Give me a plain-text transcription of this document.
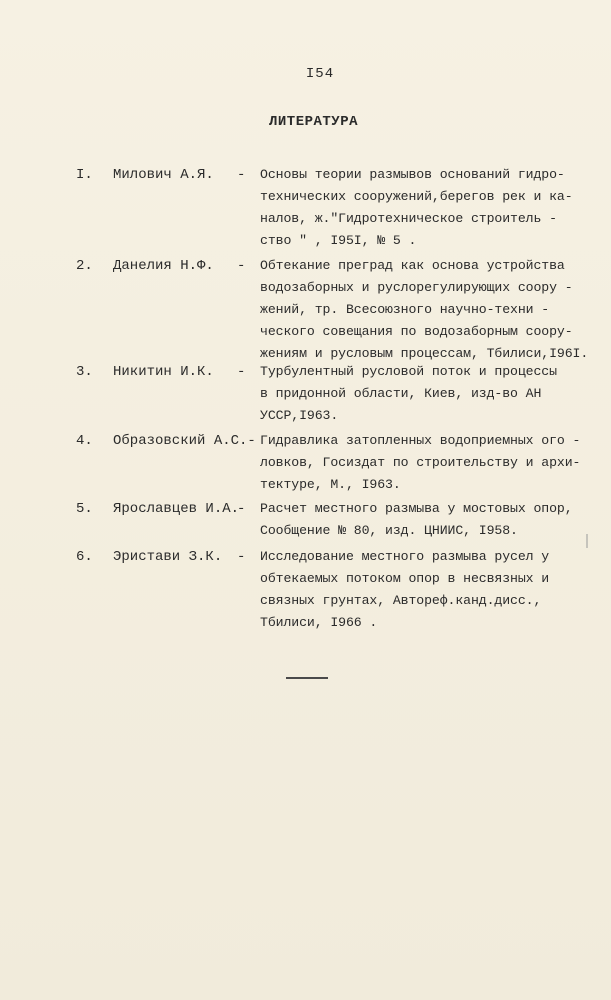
I54
ЛИТЕРАТУРА
I. Милович А.Я. - Основы теории размывов оснований гидро-
технических сооружений,берегов рек и ка-
налов, ж."Гидротехническое строитель -
ство " , I95I, № 5 .
2. Данелия Н.Ф. - Обтекание преград как основа устройства
водозаборных и руслорегулирующих соору -
жений, тр. Всесоюзного научно-техни -
ческого совещания по водозаборным соору-
жениям и русловым процессам, Тбилиси,I96I.
3. Никитин И.К. - Турбулентный русловой поток и процессы
в придонной области, Киев, изд-во АН
УССР,I963.
4. Образовский А.С.- Гидравлика затопленных водоприемных ого -
ловков, Госиздат по строительству и архи-
тектуре, М., I963.
5. Ярославцев И.А.
- Расчет местного размыва у мостовых опор,
Сообщение № 80, изд. ЦНИИС, I958.
6. Эристави З.К. - Исследование местного размыва русел у
обтекаемых потоком опор в несвязных и
связных грунтах, Автореф.канд.дисс.,
Тбилиси, I966 .
